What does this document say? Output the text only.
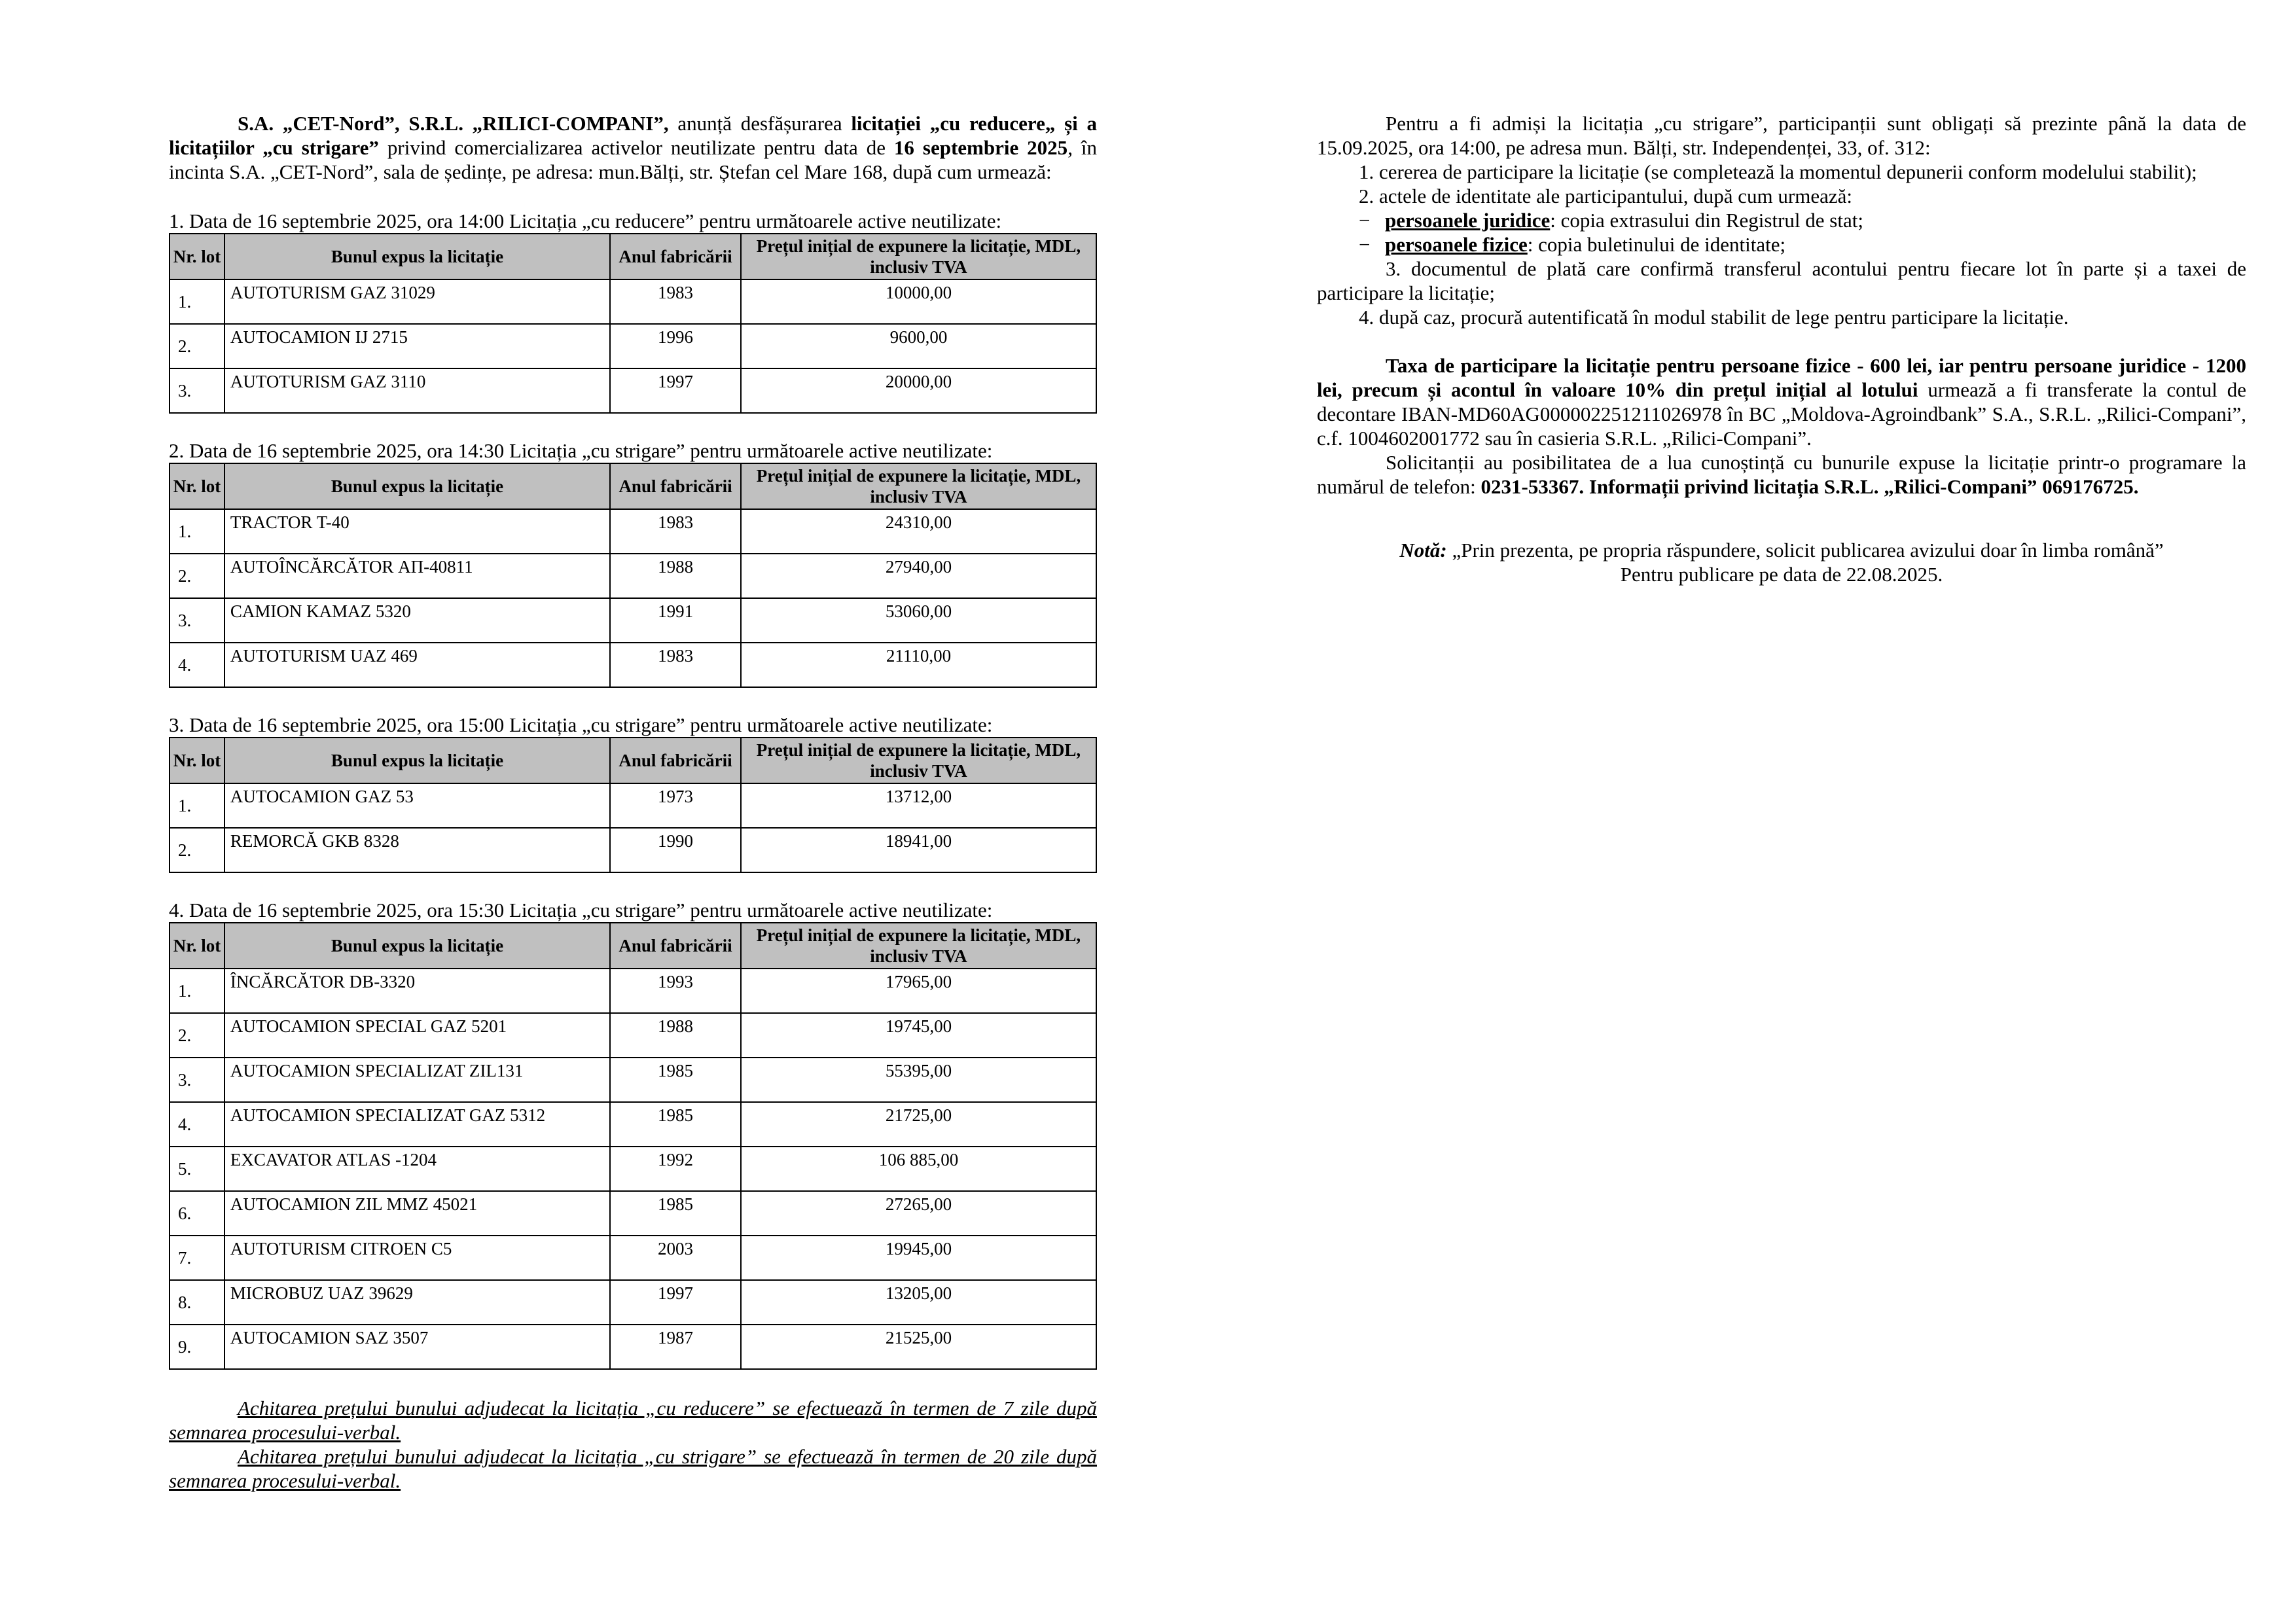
S.A. „CET-Nord”, S.R.L. „RILICI-COMPANI”, anunță desfășurarea licitației „cu reducere„ și a licitațiilor „cu strigare” privind comercializarea activelor neutilizate pentru data de 16 septembrie 2025, în incinta S.A. „CET-Nord”, sala de ședințe, pe adresa: mun.Bălți, str. Ștefan cel Mare 168, după cum urmează:

1. Data de 16 septembrie 2025, ora 14:00 Licitația „cu reducere” pentru următoarele active neutilizate:

Nr. lot	Bunul expus la licitație	Anul fabricării	Prețul inițial de expunere la licitație, MDL, inclusiv TVA
1.	AUTOTURISM GAZ 31029	1983	10000,00
2.	AUTOCAMION IJ 2715	1996	9600,00
3.	AUTOTURISM GAZ 3110	1997	20000,00

2. Data de 16 septembrie 2025, ora 14:30 Licitația „cu strigare” pentru următoarele active neutilizate:

Nr. lot	Bunul expus la licitație	Anul fabricării	Prețul inițial de expunere la licitație, MDL, inclusiv TVA
1.	TRACTOR T-40	1983	24310,00
2.	AUTOÎNCĂRCĂTOR АП-40811	1988	27940,00
3.	CAMION KAMAZ 5320	1991	53060,00
4.	AUTOTURISM UAZ 469	1983	21110,00

3. Data de 16 septembrie 2025, ora 15:00 Licitația „cu strigare” pentru următoarele active neutilizate:

Nr. lot	Bunul expus la licitație	Anul fabricării	Prețul inițial de expunere la licitație, MDL, inclusiv TVA
1.	AUTOCAMION GAZ 53	1973	13712,00
2.	REMORCĂ GKB 8328	1990	18941,00

4. Data de 16 septembrie 2025, ora 15:30 Licitația „cu strigare” pentru următoarele active neutilizate:

Nr. lot	Bunul expus la licitație	Anul fabricării	Prețul inițial de expunere la licitație, MDL, inclusiv TVA
1.	ÎNCĂRCĂTOR DB-3320	1993	17965,00
2.	AUTOCAMION SPECIAL GAZ 5201	1988	19745,00
3.	AUTOCAMION SPECIALIZAT ZIL131	1985	55395,00
4.	AUTOCAMION SPECIALIZAT GAZ 5312	1985	21725,00
5.	EXCAVATOR ATLAS -1204	1992	106 885,00
6.	AUTOCAMION ZIL MMZ 45021	1985	27265,00
7.	AUTOTURISM CITROEN C5	2003	19945,00
8.	MICROBUZ UAZ 39629	1997	13205,00
9.	AUTOCAMION SAZ 3507	1987	21525,00

Achitarea prețului bunului adjudecat la licitația „cu reducere” se efectuează în termen de 7 zile după semnarea procesului-verbal.

Achitarea prețului bunului adjudecat la licitația „cu strigare” se efectuează în termen de 20 zile după semnarea procesului-verbal.

Pentru a fi admiși la licitația „cu strigare”, participanții sunt obligați să prezinte până la data de 15.09.2025, ora 14:00, pe adresa mun. Bălți, str. Independenței, 33, of. 312:

1. cererea de participare la licitație (se completează la momentul depunerii conform modelului stabilit);

2. actele de identitate ale participantului, după cum urmează:

− persoanele juridice: copia extrasului din Registrul de stat;

− persoanele fizice: copia buletinului de identitate;

3. documentul de plată care confirmă transferul acontului pentru fiecare lot în parte și a taxei de participare la licitație;

4. după caz, procură autentificată în modul stabilit de lege pentru participare la licitație.

Taxa de participare la licitație pentru persoane fizice - 600 lei, iar pentru persoane juridice - 1200 lei, precum și acontul în valoare 10% din prețul inițial al lotului urmează a fi transferate la contul de decontare IBAN-MD60AG000002251211026978 în BC „Moldova-Agroindbank” S.A., S.R.L. „Rilici-Compani”, c.f. 1004602001772 sau în casieria S.R.L. „Rilici-Compani”.

Solicitanții au posibilitatea de a lua cunoștință cu bunurile expuse la licitație printr-o programare la numărul de telefon: 0231-53367. Informații privind licitația S.R.L. „Rilici-Compani” 069176725.

Notă: „Prin prezenta, pe propria răspundere, solicit publicarea avizului doar în limba română”
Pentru publicare pe data de 22.08.2025.
